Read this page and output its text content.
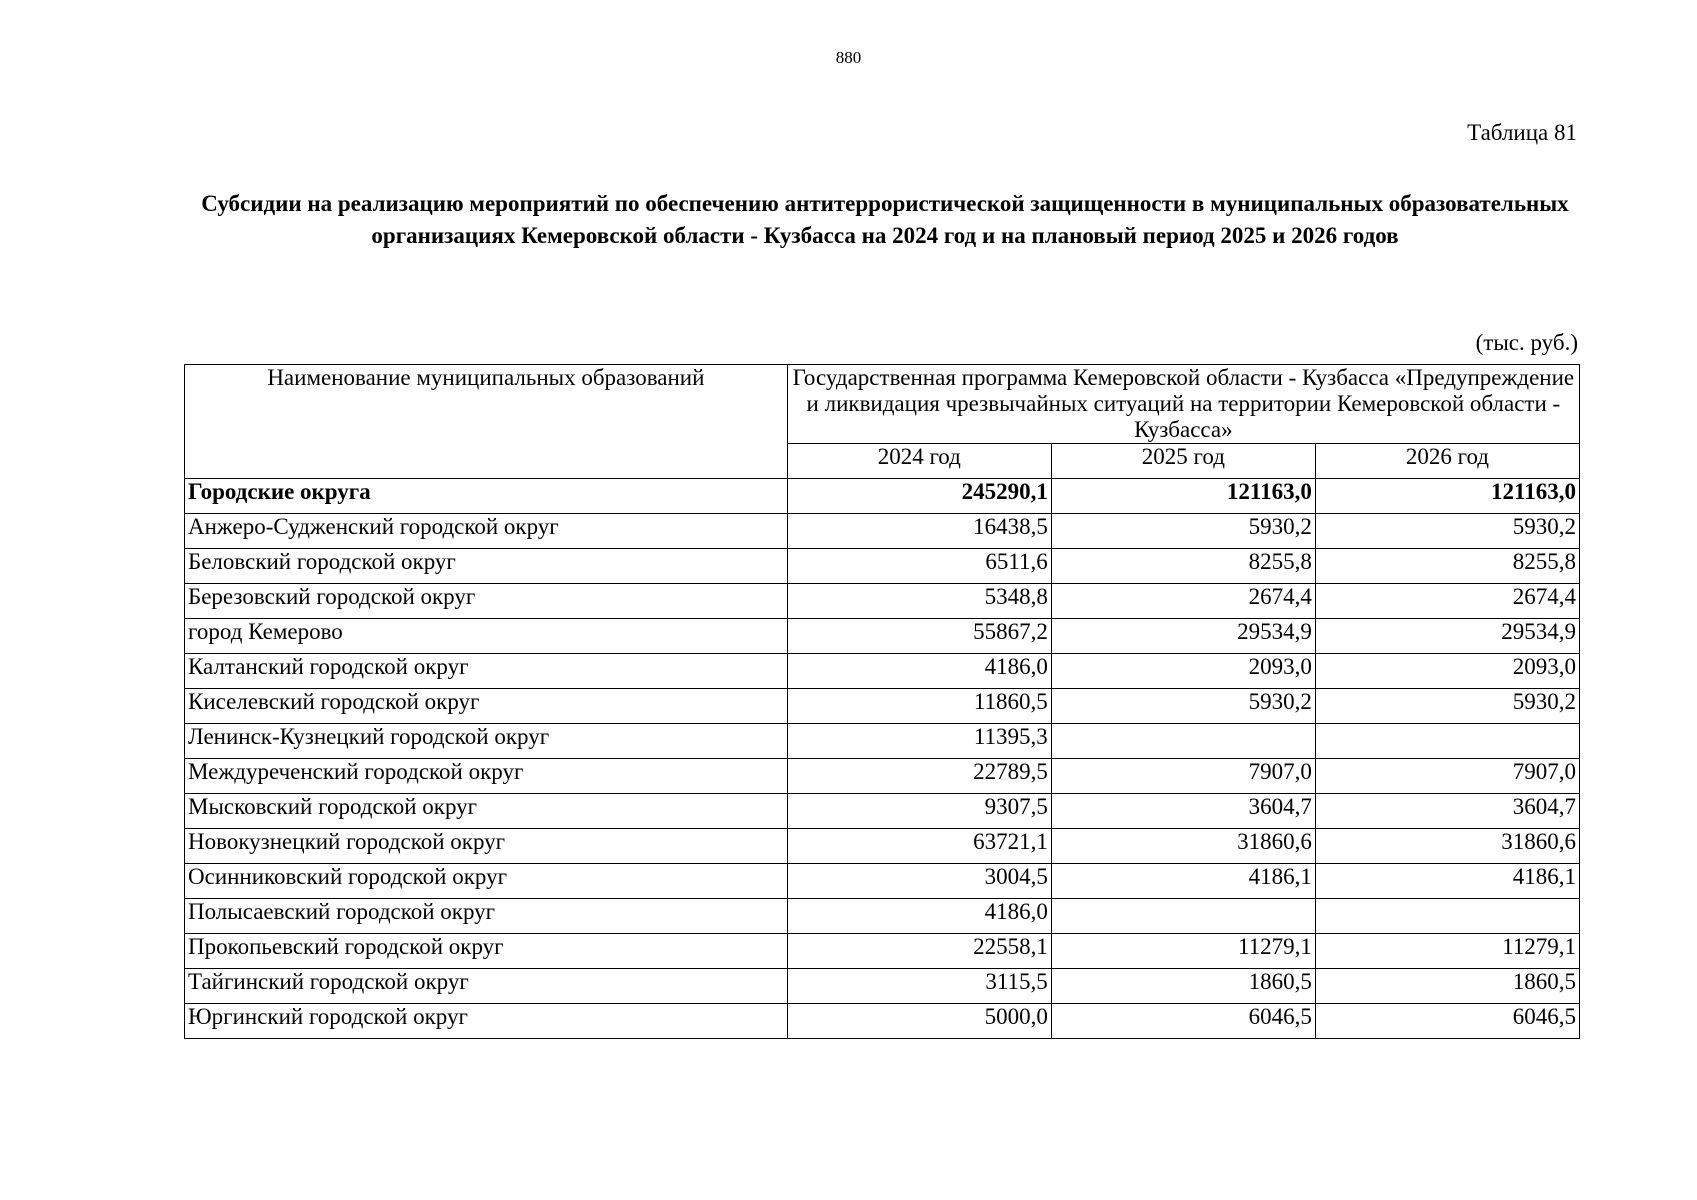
880
Таблица 81
Субсидии на реализацию мероприятий по обеспечению антитеррористической защищенности в муниципальных образовательных организациях Кемеровской области - Кузбасса на 2024 год и на плановый период 2025 и 2026 годов
(тыс. руб.)
Наименование муниципальных образований	Государственная программа Кемеровской области - Кузбасса «Предупреждение и ликвидация чрезвычайных ситуаций на территории Кемеровской области - Кузбасса»		
	2024 год	2025 год	2026 год
Городские округа	245290,1	121163,0	121163,0
Анжеро-Судженский городской округ	16438,5	5930,2	5930,2
Беловский городской округ	6511,6	8255,8	8255,8
Березовский городской округ	5348,8	2674,4	2674,4
город Кемерово	55867,2	29534,9	29534,9
Калтанский городской округ	4186,0	2093,0	2093,0
Киселевский городской округ	11860,5	5930,2	5930,2
Ленинск-Кузнецкий городской округ	11395,3		
Междуреченский городской округ	22789,5	7907,0	7907,0
Мысковский городской округ	9307,5	3604,7	3604,7
Новокузнецкий городской округ	63721,1	31860,6	31860,6
Осинниковский городской округ	3004,5	4186,1	4186,1
Полысаевский городской округ	4186,0		
Прокопьевский городской округ	22558,1	11279,1	11279,1
Тайгинский городской округ	3115,5	1860,5	1860,5
Юргинский городской округ	5000,0	6046,5	6046,5
